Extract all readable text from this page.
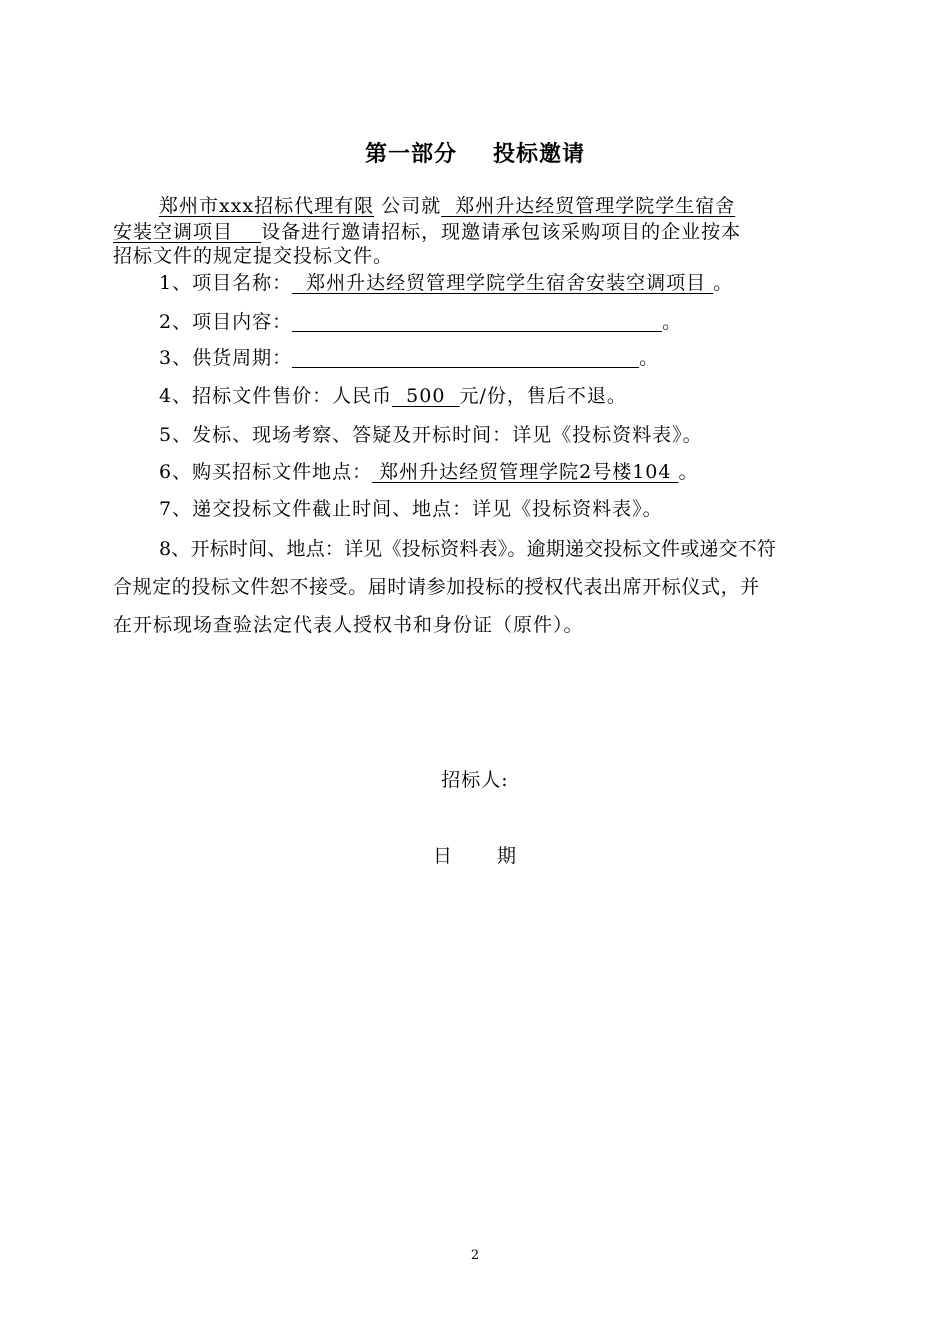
第一部分 投标邀请
郑州市xxx招标代理有限 公司就  郑州升达经贸管理学院学生宿舍
安装空调项目    设备进行邀请招标，现邀请承包该采购项目的企业按本
招标文件的规定提交投标文件。
1、项目名称：  郑州升达经贸管理学院学生宿舍安装空调项目 。
2、项目内容：	。
3、供货周期：	。
4、招标文件售价：人民币  500  元/份，售后不退。
5、发标、现场考察、答疑及开标时间：详见《投标资料表》。
6、购买招标文件地点： 郑州升达经贸管理学院2号楼104 。
7、递交投标文件截止时间、地点：详见《投标资料表》。
8、开标时间、地点：详见《投标资料表》。逾期递交投标文件或递交不符
合规定的投标文件恕不接受。届时请参加投标的授权代表出席开标仪式，并
在开标现场查验法定代表人授权书和身份证（原件）。
招标人:
日 期
2
